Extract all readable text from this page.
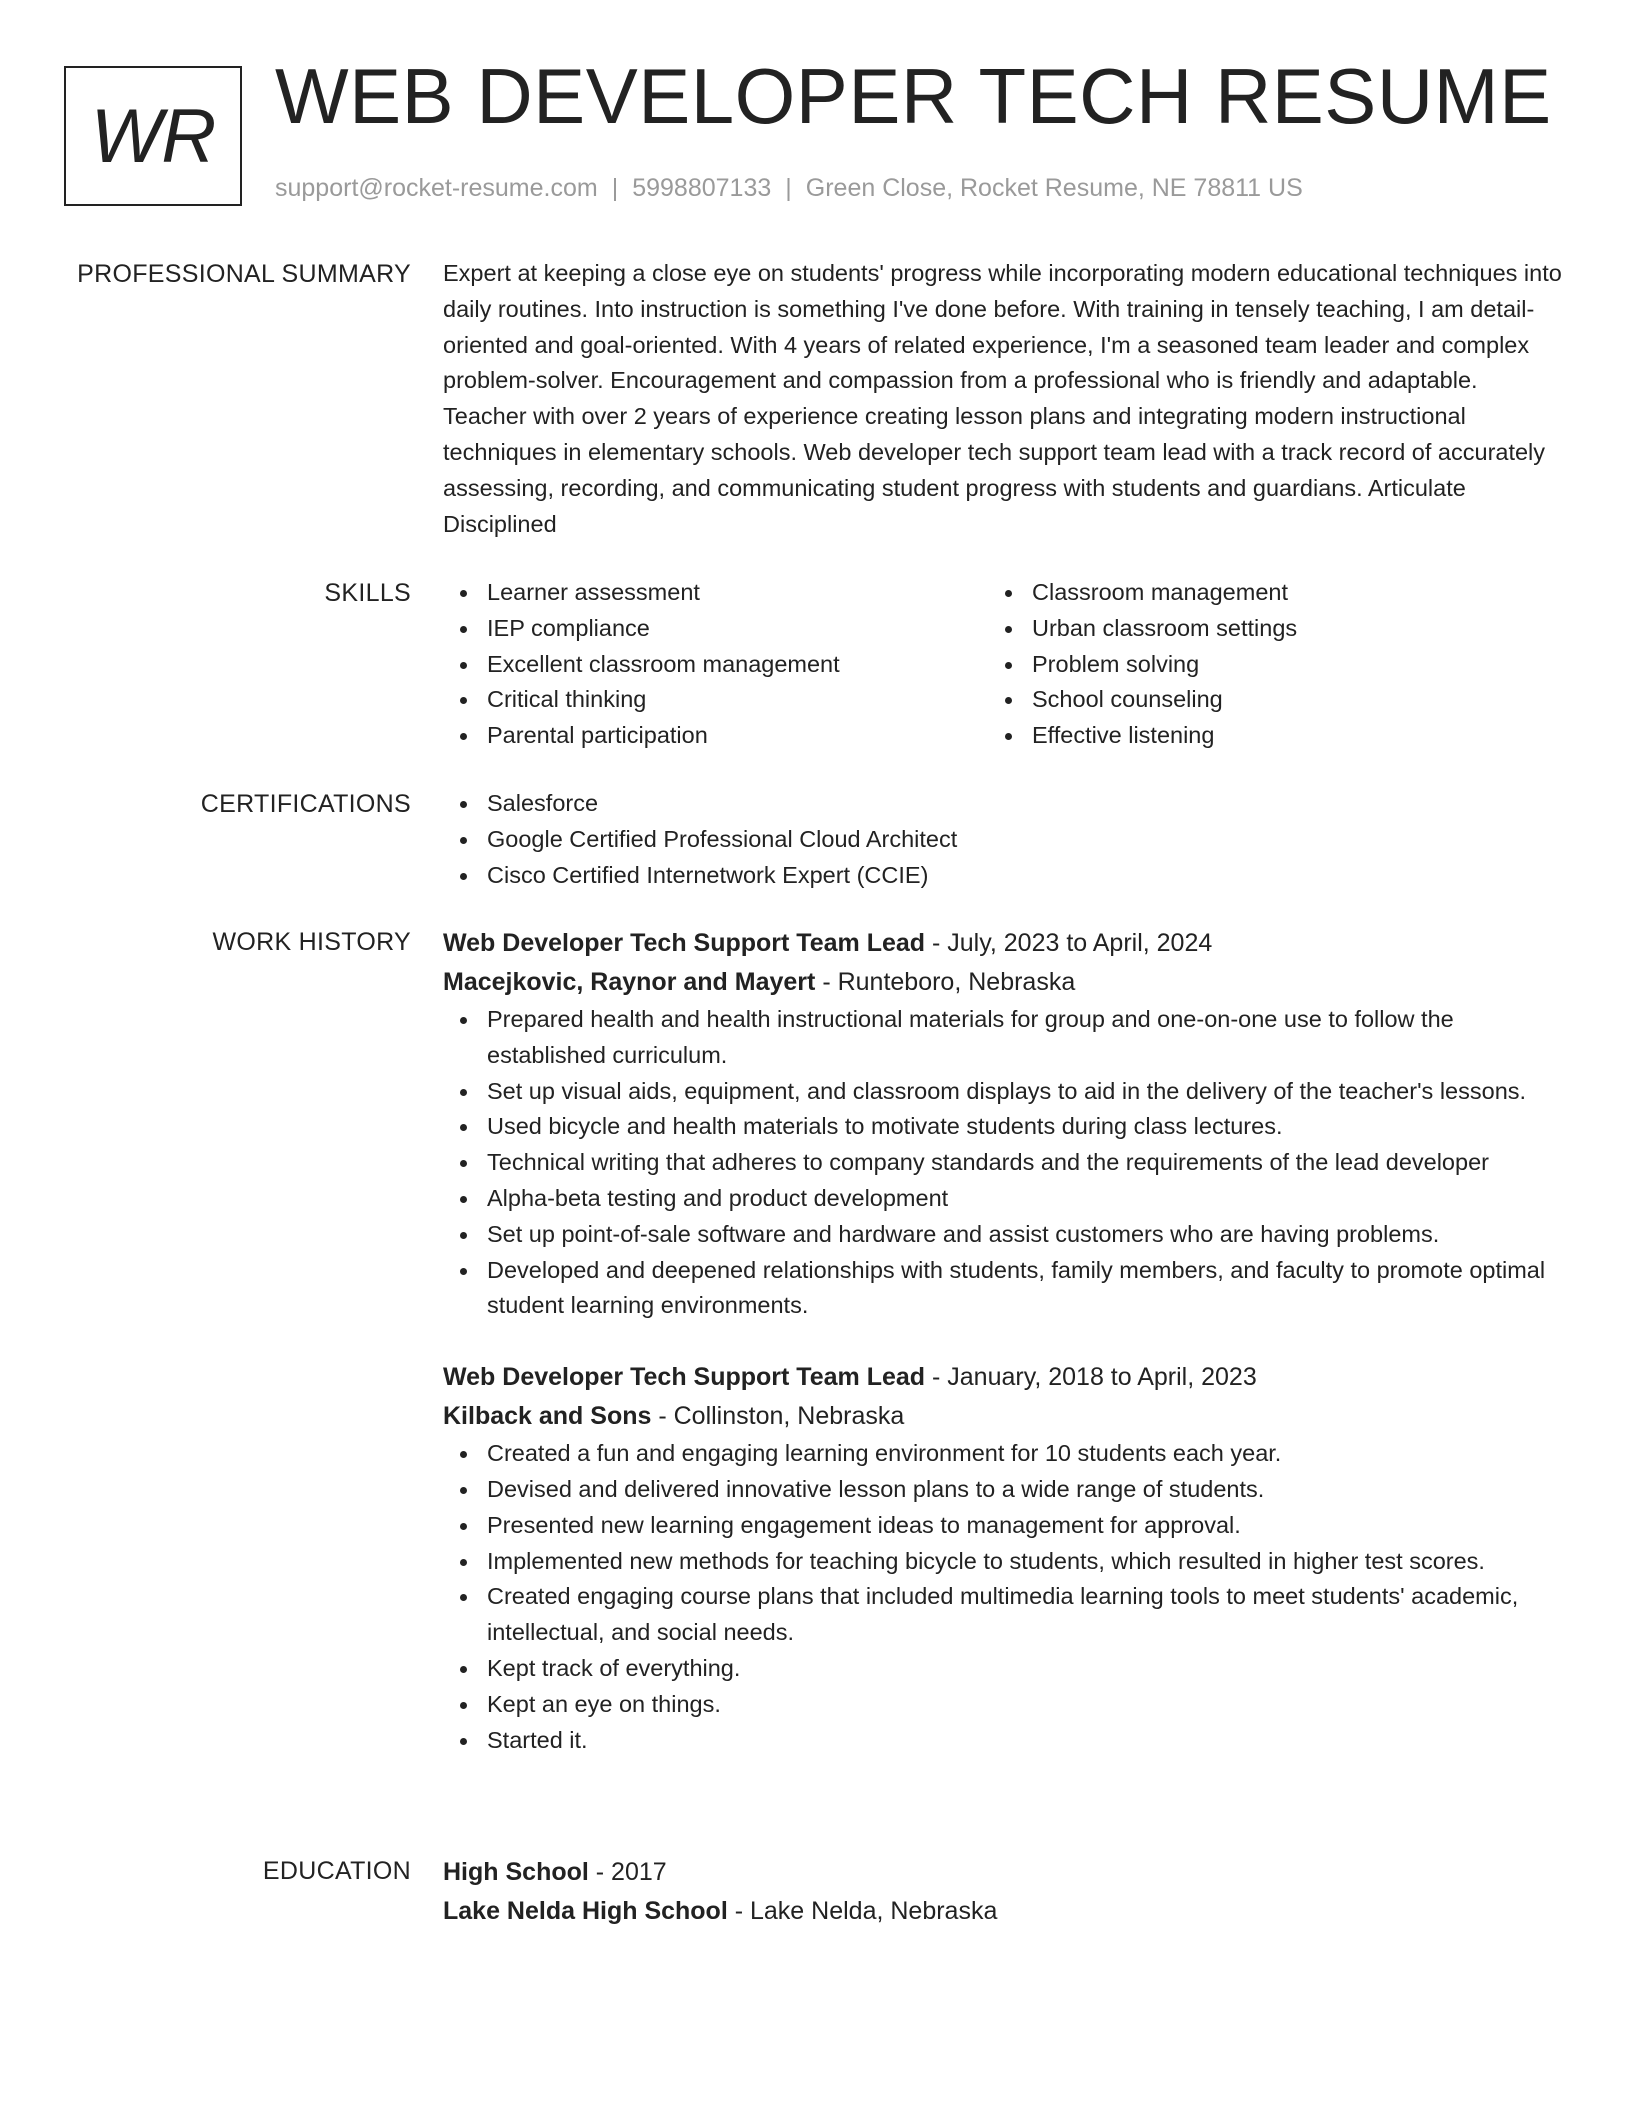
WR WEB DEVELOPER TECH RESUME
support@rocket-resume.com | 5998807133 | Green Close, Rocket Resume, NE 78811 US
PROFESSIONAL SUMMARY Expert at keeping a close eye on students' progress while incorporating modern educational techniques into daily routines. Into instruction is something I've done before. With training in tensely teaching, I am detail-oriented and goal-oriented. With 4 years of related experience, I'm a seasoned team leader and complex problem-solver. Encouragement and compassion from a professional who is friendly and adaptable. Teacher with over 2 years of experience creating lesson plans and integrating modern instructional techniques in elementary schools. Web developer tech support team lead with a track record of accurately assessing, recording, and communicating student progress with students and guardians. Articulate Disciplined

SKILLS	Learner assessment
IEP compliance
Excellent classroom management
Critical thinking
Parental participation
Classroom management
Urban classroom settings
Problem solving
School counseling
Effective listening
CERTIFICATIONS	Salesforce
Google Certified Professional Cloud Architect
Cisco Certified Internetwork Expert (CCIE)
WORK HISTORY Web Developer Tech Support Team Lead - July, 2023 to April, 2024
Macejkovic, Raynor and Mayert - Runteboro, Nebraska
Prepared health and health instructional materials for group and one-on-one use to follow the established curriculum.
Set up visual aids, equipment, and classroom displays to aid in the delivery of the teacher's lessons.
Used bicycle and health materials to motivate students during class lectures.
Technical writing that adheres to company standards and the requirements of the lead developer
Alpha-beta testing and product development
Set up point-of-sale software and hardware and assist customers who are having problems.
Developed and deepened relationships with students, family members, and faculty to promote optimal student learning environments.
Web Developer Tech Support Team Lead - January, 2018 to April, 2023
Kilback and Sons - Collinston, Nebraska
Created a fun and engaging learning environment for 10 students each year.
Devised and delivered innovative lesson plans to a wide range of students.
Presented new learning engagement ideas to management for approval.
Implemented new methods for teaching bicycle to students, which resulted in higher test scores.
Created engaging course plans that included multimedia learning tools to meet students' academic, intellectual, and social needs.
Kept track of everything.
Kept an eye on things.
Started it.
EDUCATION High School - 2017
Lake Nelda High School - Lake Nelda, Nebraska
